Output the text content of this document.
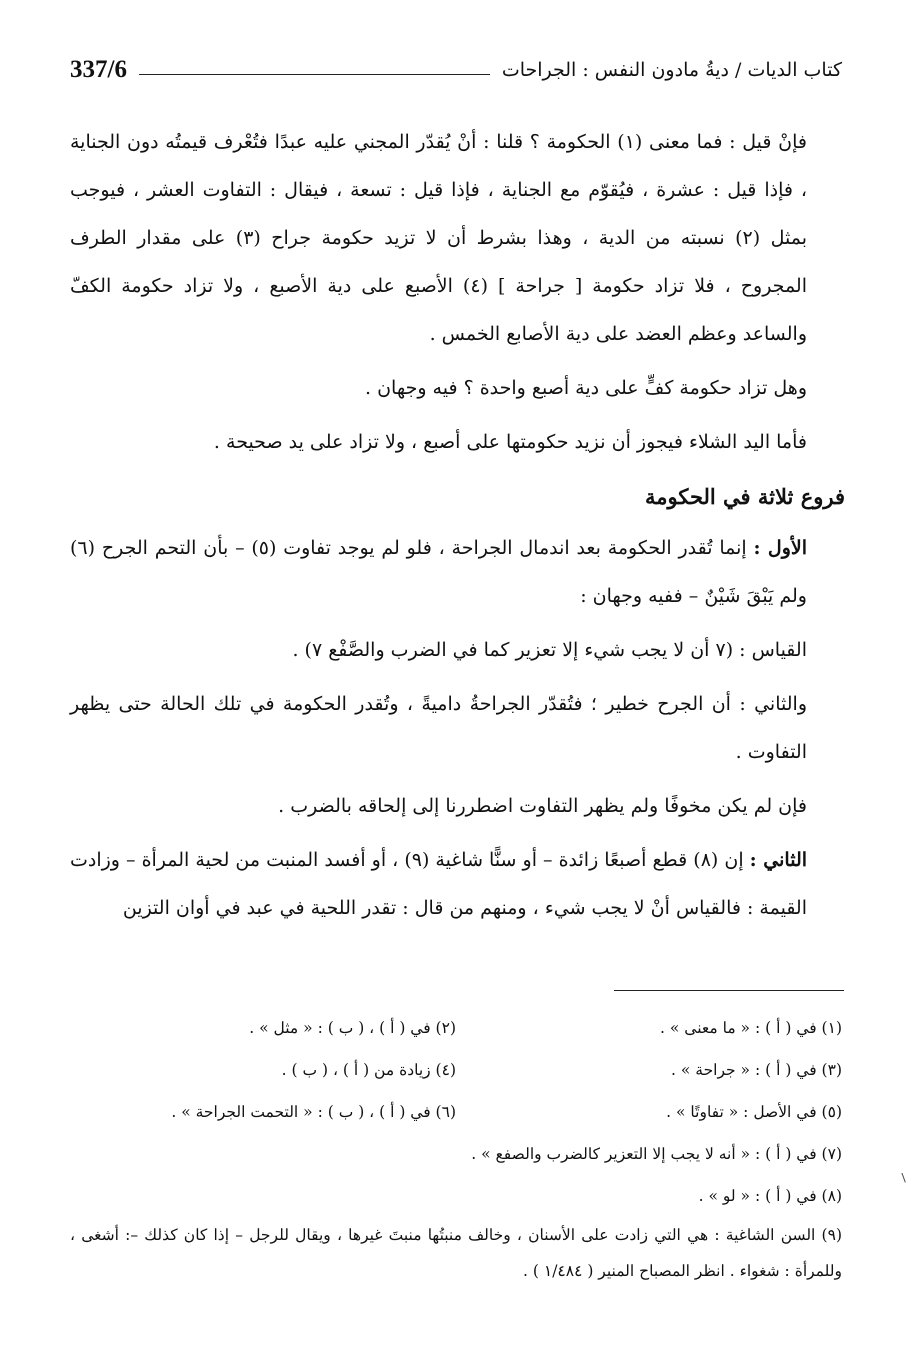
337/6	كتاب الديات / ديةُ مادون النفس : الجراحات

فإنْ قيل : فما معنى (١) الحكومة ؟ قلنا : أنْ يُقدّر المجني عليه عبدًا فتُعْرف قيمتُه دون الجناية ، فإذا قيل : عشرة ، فيُقوّم مع الجناية ، فإذا قيل : تسعة ، فيقال : التفاوت العشر ، فيوجب بمثل (٢) نسبته من الدية ، وهذا بشرط أن لا تزيد حكومة جراح (٣) على مقدار الطرف المجروح ، فلا تزاد حكومة [ جراحة ] (٤) الأصبع على دية الأصبع ، ولا تزاد حكومة الكفّ والساعد وعظم العضد على دية الأصابع الخمس .

وهل تزاد حكومة كفٍّ على دية أصبع واحدة ؟ فيه وجهان .

فأما اليد الشلاء فيجوز أن نزيد حكومتها على أصبع ، ولا تزاد على يد صحيحة .

فروع ثلاثة في الحكومة

الأول : إنما تُقدر الحكومة بعد اندمال الجراحة ، فلو لم يوجد تفاوت (٥) – بأن التحم الجرح (٦) ولم يَبْقَ شَيْنٌ – ففيه وجهان :

القياس : (٧ أن لا يجب شيء إلا تعزير كما في الضرب والصَّفْع ٧) .

والثاني : أن الجرح خطير ؛ فتُقدّر الجراحةُ داميةً ، وتُقدر الحكومة في تلك الحالة حتى يظهر التفاوت .

فإن لم يكن مخوفًا ولم يظهر التفاوت اضطررنا إلى إلحاقه بالضرب .

الثاني : إن (٨) قطع أصبعًا زائدة – أو سنًّا شاغية (٩) ، أو أفسد المنبت من لحية المرأة – وزادت القيمة : فالقياس أنْ لا يجب شيء ، ومنهم من قال : تقدر اللحية في عبد في أوان التزين

(١) في ( أ ) : « ما معنى » .
(٢) في ( أ ) ، ( ب ) : « مثل » .
(٣) في ( أ ) : « جراحة » .
(٤) زيادة من ( أ ) ، ( ب ) .
(٥) في الأصل : « تفاوتًا » .
(٦) في ( أ ) ، ( ب ) : « التحمت الجراحة » .
(٧) في ( أ ) : « أنه لا يجب إلا التعزير كالضرب والصفع » .
(٨) في ( أ ) : « لو » .
(٩) السن الشاغية : هي التي زادت على الأسنان ، وخالف منبتُها منبتَ غيرها ، ويقال للرجل – إذا كان كذلك –: أشغى ، وللمرأة : شغواء . انظر المصباح المنير ( ١/٤٨٤ ) .
